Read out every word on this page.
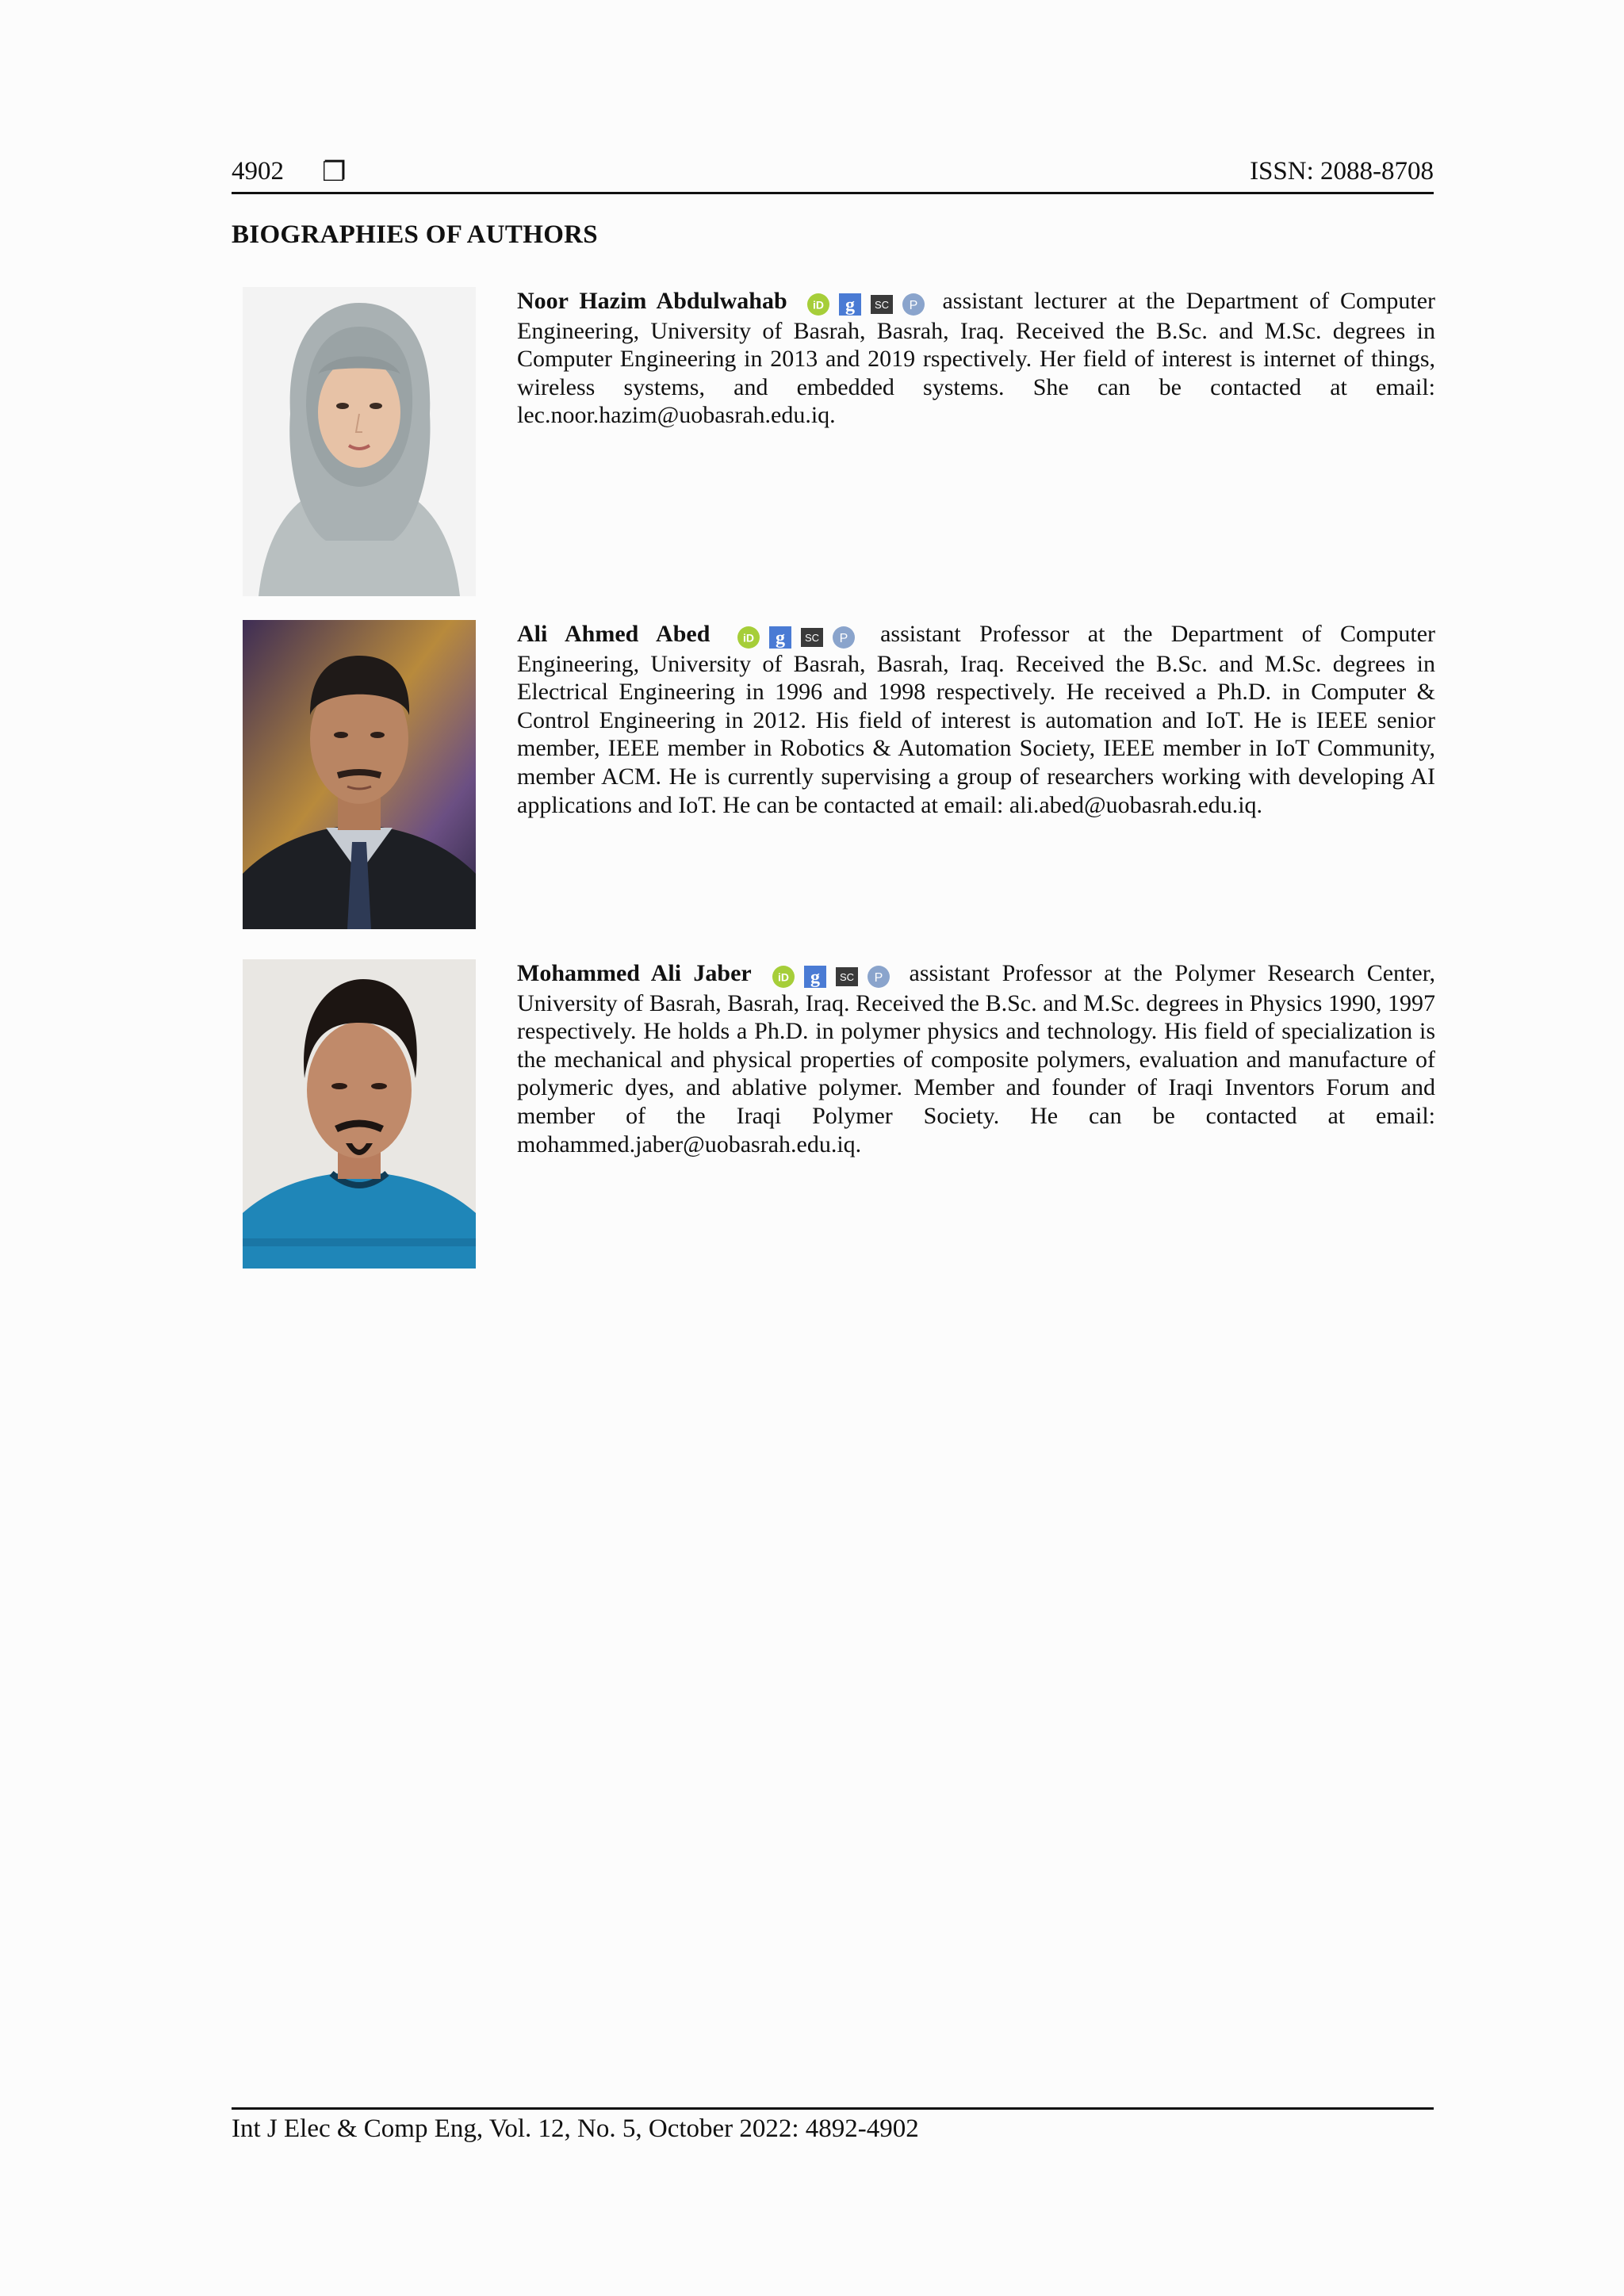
4902 ❐	ISSN: 2088-8708
BIOGRAPHIES OF AUTHORS
Noor Hazim Abdulwahab iD g SC P assistant lecturer at the Department of Computer Engineering, University of Basrah, Basrah, Iraq. Received the B.Sc. and M.Sc. degrees in Computer Engineering in 2013 and 2019 rspectively. Her field of interest is internet of things, wireless systems, and embedded systems. She can be contacted at email: lec.noor.hazim@uobasrah.edu.iq.
Ali Ahmed Abed	iD g SC P assistant Professor at the Department of Computer Engineering, University of Basrah, Basrah, Iraq. Received the B.Sc. and M.Sc. degrees in Electrical Engineering in 1996 and 1998 respectively. He received a Ph.D. in Computer & Control Engineering in 2012. His field of interest is automation and IoT. He is IEEE senior member, IEEE member in Robotics & Automation Society, IEEE member in IoT Community, member ACM. He is currently supervising a group of researchers working with developing AI applications and IoT. He can be contacted at email: ali.abed@uobasrah.edu.iq.
Mohammed Ali Jaber iD g SC P assistant Professor at the Polymer Research Center, University of Basrah, Basrah, Iraq. Received the B.Sc. and M.Sc. degrees in Physics 1990, 1997 respectively. He holds a Ph.D. in polymer physics and technology. His field of specialization is the mechanical and physical properties of composite polymers, evaluation and manufacture of polymeric dyes, and ablative polymer. Member and founder of Iraqi Inventors Forum and member of the Iraqi Polymer Society. He can be contacted at email: mohammed.jaber@uobasrah.edu.iq.
Int J Elec & Comp Eng, Vol. 12, No. 5, October 2022: 4892-4902
